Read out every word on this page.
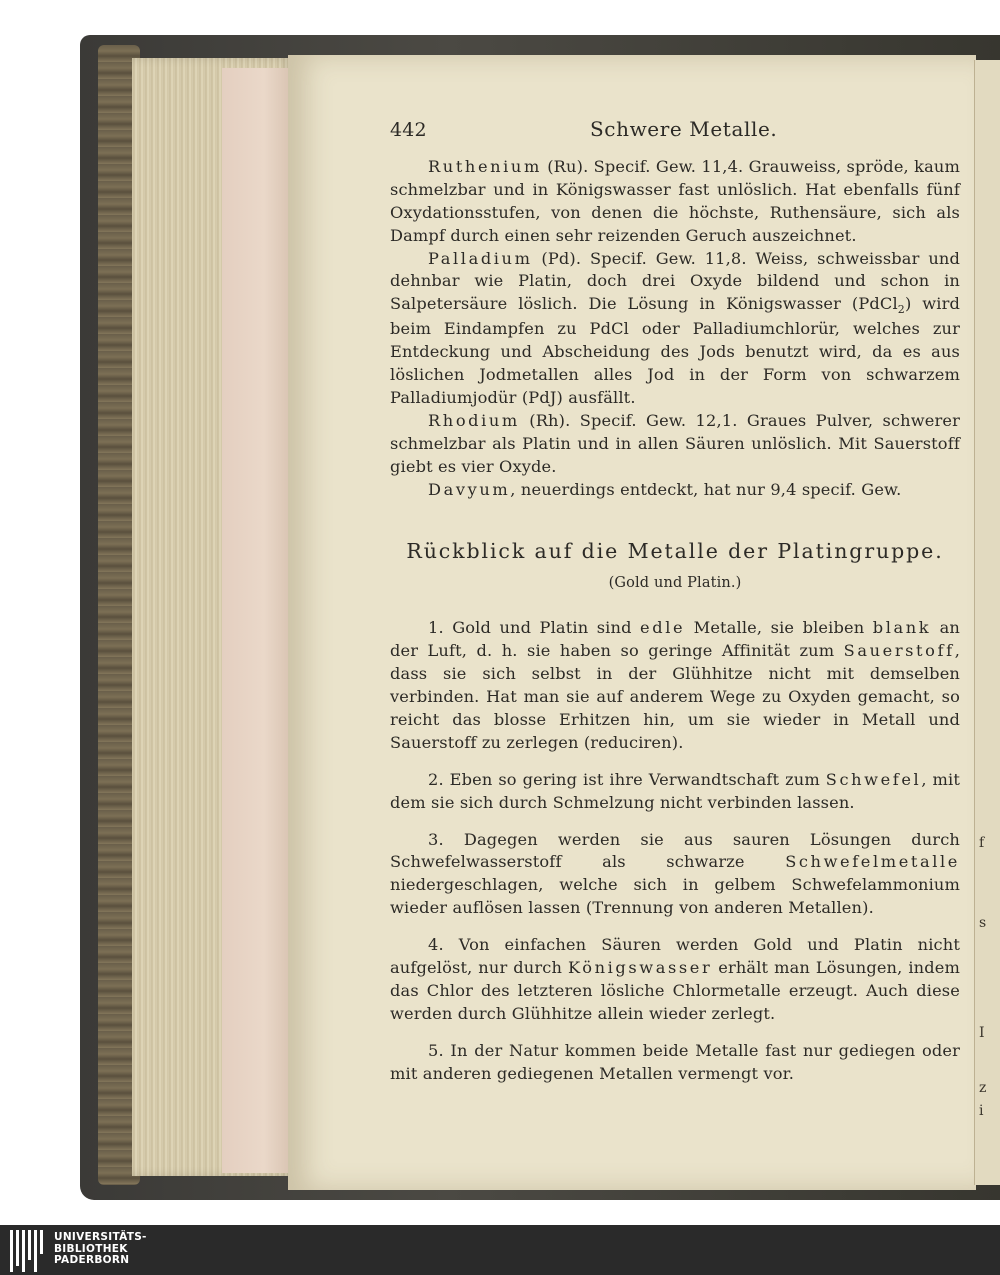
f
s
I
z
i
442	Schwere Metalle.

Ruthenium (Ru). Specif. Gew. 11,4. Grauweiss, spröde, kaum schmelzbar und in Königswasser fast unlöslich. Hat ebenfalls fünf Oxydationsstufen, von denen die höchste, Ruthensäure, sich als Dampf durch einen sehr reizenden Geruch auszeichnet.

Palladium (Pd). Specif. Gew. 11,8. Weiss, schweissbar und dehnbar wie Platin, doch drei Oxyde bildend und schon in Salpetersäure löslich. Die Lösung in Königswasser (PdCl$_2$) wird beim Eindampfen zu PdCl oder Palladiumchlorür, welches zur Entdeckung und Abscheidung des Jods benutzt wird, da es aus löslichen Jodmetallen alles Jod in der Form von schwarzem Palladiumjodür (PdJ) ausfällt.

Rhodium (Rh). Specif. Gew. 12,1. Graues Pulver, schwerer schmelzbar als Platin und in allen Säuren unlöslich. Mit Sauerstoff giebt es vier Oxyde.

Davyum, neuerdings entdeckt, hat nur 9,4 specif. Gew.

Rückblick auf die Metalle der Platingruppe.
(Gold und Platin.)

1. Gold und Platin sind edle Metalle, sie bleiben blank an der Luft, d. h. sie haben so geringe Affinität zum Sauerstoff, dass sie sich selbst in der Glühhitze nicht mit demselben verbinden. Hat man sie auf anderem Wege zu Oxyden gemacht, so reicht das blosse Erhitzen hin, um sie wieder in Metall und Sauerstoff zu zerlegen (reduciren).

2. Eben so gering ist ihre Verwandtschaft zum Schwefel, mit dem sie sich durch Schmelzung nicht verbinden lassen.

3. Dagegen werden sie aus sauren Lösungen durch Schwefelwasserstoff als schwarze Schwefelmetalle niedergeschlagen, welche sich in gelbem Schwefelammonium wieder auflösen lassen (Trennung von anderen Metallen).

4. Von einfachen Säuren werden Gold und Platin nicht aufgelöst, nur durch Königswasser erhält man Lösungen, indem das Chlor des letzteren lösliche Chlormetalle erzeugt. Auch diese werden durch Glühhitze allein wieder zerlegt.

5. In der Natur kommen beide Metalle fast nur gediegen oder mit anderen gediegenen Metallen vermengt vor.

UNIVERSITÄTS-
BIBLIOTHEK
PADERBORN
